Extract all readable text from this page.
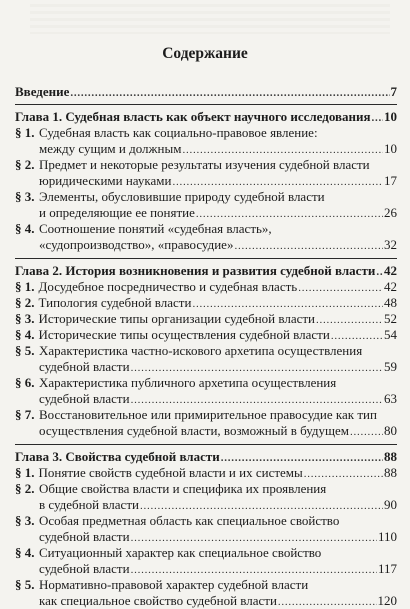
Содержание
Введение . . .	7
Глава 1. Судебная власть как объект научного исследования . . . 10
§ 1. Судебная власть как социально-правовое явление:
между сущим и должным . . .	10
§ 2. Предмет и некоторые результаты изучения судебной власти
юридическими науками . . .	17
§ 3. Элементы, обусловившие природу судебной власти
и определяющие ее понятие . . .	26
§ 4. Соотношение понятий «судебная власть»,
«судопроизводство», «правосудие» . . .	32
Глава 2. История возникновения и развития судебной власти . . . 42
§ 1. Досудебное посредничество и судебная власть . . .	42
§ 2. Типология судебной власти . . .	48
§ 3. Исторические типы организации судебной власти . . .	52
§ 4. Исторические типы осуществления судебной власти . . .	54
§ 5. Характеристика частно-искового архетипа осуществления
судебной власти . . .	59
§ 6. Характеристика публичного архетипа осуществления
судебной власти . . .	63
§ 7. Восстановительное или примирительное правосудие как тип
осуществления судебной власти, возможный в будущем . . .	80
Глава 3. Свойства судебной власти . . .	88
§ 1. Понятие свойств судебной власти и их системы . . .	88
§ 2. Общие свойства власти и специфика их проявления
в судебной власти . . .	90
§ 3. Особая предметная область как специальное свойство
судебной власти . . .	110
§ 4. Ситуационный характер как специальное свойство
судебной власти . . .	117
§ 5. Нормативно-правовой характер судебной власти
как специальное свойство судебной власти . . .	120
